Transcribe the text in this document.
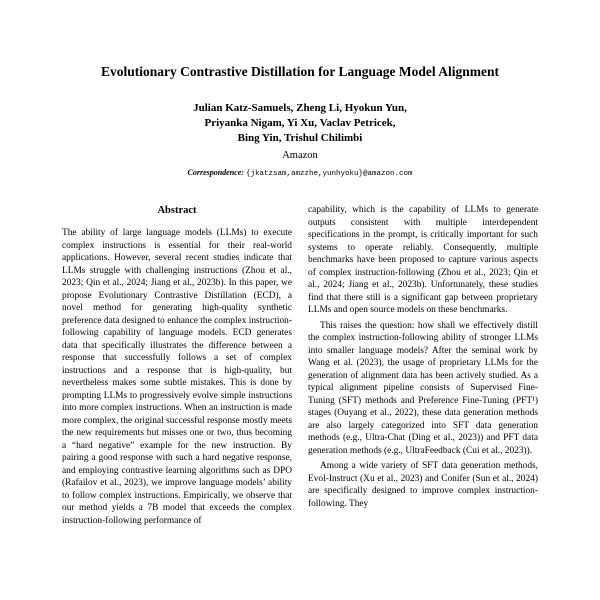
Evolutionary Contrastive Distillation for Language Model Alignment
Julian Katz-Samuels, Zheng Li, Hyokun Yun,
Priyanka Nigam, Yi Xu, Vaclav Petricek,
Bing Yin, Trishul Chilimbi
Amazon
Correspondence: {jkatzsam,amzzhe,yunhyoku}@amazon.com
Abstract

The ability of large language models (LLMs) to execute complex instructions is essential for their real-world applications. However, several recent studies indicate that LLMs struggle with challenging instructions (Zhou et al., 2023; Qin et al., 2024; Jiang et al., 2023b). In this paper, we propose Evolutionary Contrastive Distillation (ECD), a novel method for generating high-quality synthetic preference data designed to enhance the complex instruction-following capability of language models. ECD generates data that specifically illustrates the difference between a response that successfully follows a set of complex instructions and a response that is high-quality, but nevertheless makes some subtle mistakes. This is done by prompting LLMs to progressively evolve simple instructions into more complex instructions. When an instruction is made more complex, the original successful response mostly meets the new requirements but misses one or two, thus becoming a “hard negative” example for the new instruction. By pairing a good response with such a hard negative response, and employing contrastive learning algorithms such as DPO (Rafailov et al., 2023), we improve language models’ ability to follow complex instructions. Empirically, we observe that our method yields a 7B model that exceeds the complex instruction-following performance of

capability, which is the capability of LLMs to generate outputs consistent with multiple interdependent specifications in the prompt, is critically important for such systems to operate reliably. Consequently, multiple benchmarks have been proposed to capture various aspects of complex instruction-following (Zhou et al., 2023; Qin et al., 2024; Jiang et al., 2023b). Unfortunately, these studies find that there still is a significant gap between proprietary LLMs and open source models on these benchmarks.

This raises the question: how shall we effectively distill the complex instruction-following ability of stronger LLMs into smaller language models? After the seminal work by Wang et al. (2023), the usage of proprietary LLMs for the generation of alignment data has been actively studied. As a typical alignment pipeline consists of Supervised Fine-Tuning (SFT) methods and Preference Fine-Tuning (PFT¹) stages (Ouyang et al., 2022), these data generation methods are also largely categorized into SFT data generation methods (e.g., Ultra-Chat (Ding et al., 2023)) and PFT data generation methods (e.g., UltraFeedback (Cui et al., 2023)).

Among a wide variety of SFT data generation methods, Evol-Instruct (Xu et al., 2023) and Conifer (Sun et al., 2024) are specifically designed to improve complex instruction-following. They
